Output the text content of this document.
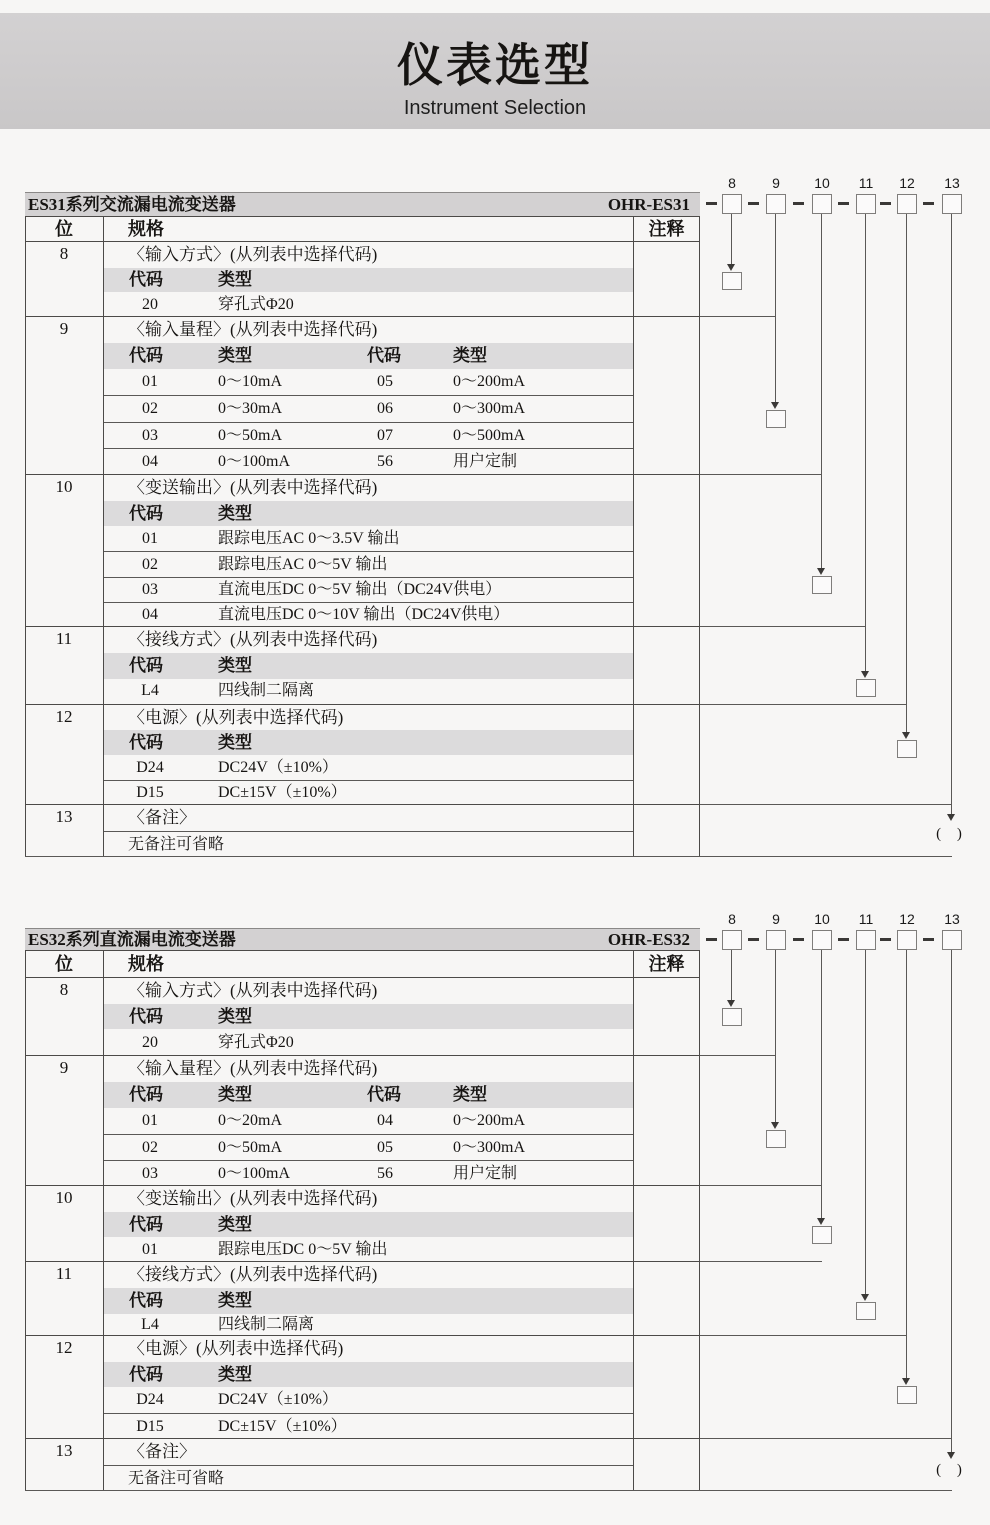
仪表选型
Instrument Selection
ES31系列交流漏电流变送器	OHR-ES31
位	规格	注释
8	〈输入方式〉(从列表中选择代码)
代码	类型
20	穿孔式Φ20
9	〈输入量程〉(从列表中选择代码)
代码	类型	代码	类型
01	0～10mA	05	0～200mA
02	0～30mA	06	0～300mA
03	0～50mA	07	0～500mA
04	0～100mA	56	用户定制
10	〈变送输出〉(从列表中选择代码)
代码	类型
01	跟踪电压AC 0～3.5V 输出
02	跟踪电压AC 0～5V 输出
03	直流电压DC 0～5V 输出（DC24V供电）
04	直流电压DC 0～10V 输出（DC24V供电）
11	〈接线方式〉(从列表中选择代码)
代码	类型
L4	四线制二隔离
12	〈电源〉(从列表中选择代码)
代码	类型
D24	DC24V（±10%）
D15	DC±15V（±10%）
13	〈备注〉
无备注可省略
8	9	10 11 12 13
( )
ES32系列直流漏电流变送器	OHR-ES32
位	规格	注释
8	〈输入方式〉(从列表中选择代码)
代码	类型
20	穿孔式Φ20
9	〈输入量程〉(从列表中选择代码)
代码	类型	代码	类型
01	0～20mA	04	0～200mA
02	0～50mA	05	0～300mA
03	0～100mA	56	用户定制
10	〈变送输出〉(从列表中选择代码)
代码	类型
01	跟踪电压DC 0～5V 输出
11	〈接线方式〉(从列表中选择代码)
代码	类型
L4	四线制二隔离
12	〈电源〉(从列表中选择代码)
代码	类型
D24	DC24V（±10%）
D15	DC±15V（±10%）
13	〈备注〉
无备注可省略
8	9	10 11 12 13
( )
